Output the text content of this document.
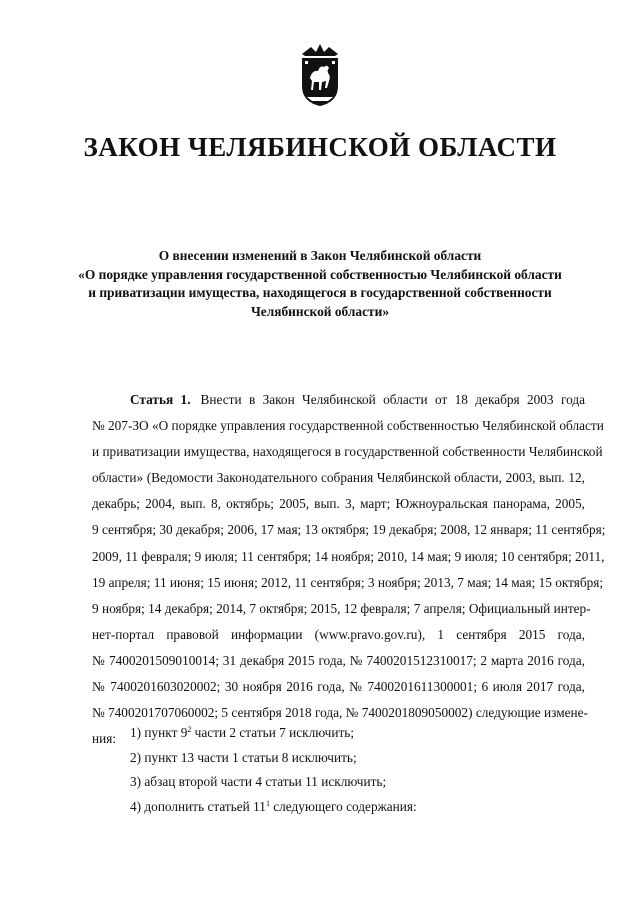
ЗАКОН ЧЕЛЯБИНСКОЙ ОБЛАСТИ
О внесении изменений в Закон Челябинской области
«О порядке управления государственной собственностью Челябинской области
и приватизации имущества, находящегося в государственной собственности
Челябинской области»
Статья 1. Внести в Закон Челябинской области от 18 декабря 2003 года
№ 207-ЗО «О порядке управления государственной собственностью Челябинской области
и приватизации имущества, находящегося в государственной собственности Челябинской
области» (Ведомости Законодательного собрания Челябинской области, 2003, вып. 12,
декабрь; 2004, вып. 8, октябрь; 2005, вып. 3, март; Южноуральская панорама, 2005,
9 сентября; 30 декабря; 2006, 17 мая; 13 октября; 19 декабря; 2008, 12 января; 11 сентября;
2009, 11 февраля; 9 июля; 11 сентября; 14 ноября; 2010, 14 мая; 9 июля; 10 сентября; 2011,
19 апреля; 11 июня; 15 июня; 2012, 11 сентября; 3 ноября; 2013, 7 мая; 14 мая; 15 октября;
9 ноября; 14 декабря; 2014, 7 октября; 2015, 12 февраля; 7 апреля; Официальный интер-
нет-портал правовой информации (www.pravo.gov.ru), 1 сентября 2015 года,
№ 7400201509010014; 31 декабря 2015 года, № 7400201512310017; 2 марта 2016 года,
№ 7400201603020002; 30 ноября 2016 года, № 7400201611300001; 6 июля 2017 года,
№ 7400201707060002; 5 сентября 2018 года, № 7400201809050002) следующие измене-
ния:	1) пункт $9^2$ части 2 статьи 7 исключить;
2) пункт 13 части 1 статьи 8 исключить;
3) абзац второй части 4 статьи 11 исключить;
4) дополнить статьей $11^1$ следующего содержания:
